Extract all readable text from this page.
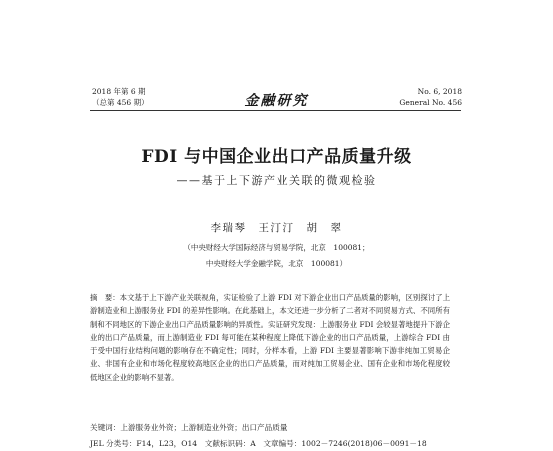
2018 年第 6 期
（总第 456 期）	金融研究
No. 6, 2018
General No. 456
FDI 与中国企业出口产品质量升级
——基于上下游产业关联的微观检验
李瑞琴　王汀汀　胡　翠
（中央财经大学国际经济与贸易学院，北京　100081；
中央财经大学金融学院，北京　100081）
摘　要：本文基于上下游产业关联视角，实证检验了上游 FDI 对下游企业出口产品质量的影响，区别探讨了上游制造业和上游服务业 FDI 的差异性影响。在此基础上，本文还进一步分析了二者对不同贸易方式、不同所有制和不同地区的下游企业出口产品质量影响的异质性。实证研究发现：上游服务业 FDI 会较显著地提升下游企业的出口产品质量，而上游制造业 FDI 每可能在某种程度上降低下游企业的出口产品质量，上游综合 FDI 由于受中国行业结构问题的影响存在不确定性；同时，分样本看，上游 FDI 主要显著影响下游非纯加工贸易企业、非国有企业和市场化程度较高地区企业的出口产品质量，而对纯加工贸易企业、国有企业和市场化程度较低地区企业的影响不显著。
关键词：上游服务业外资；上游制造业外资；出口产品质量
JEL 分类号：F14，L23，O14　文献标识码：A　文章编号：1002－7246(2018)06－0091－18
